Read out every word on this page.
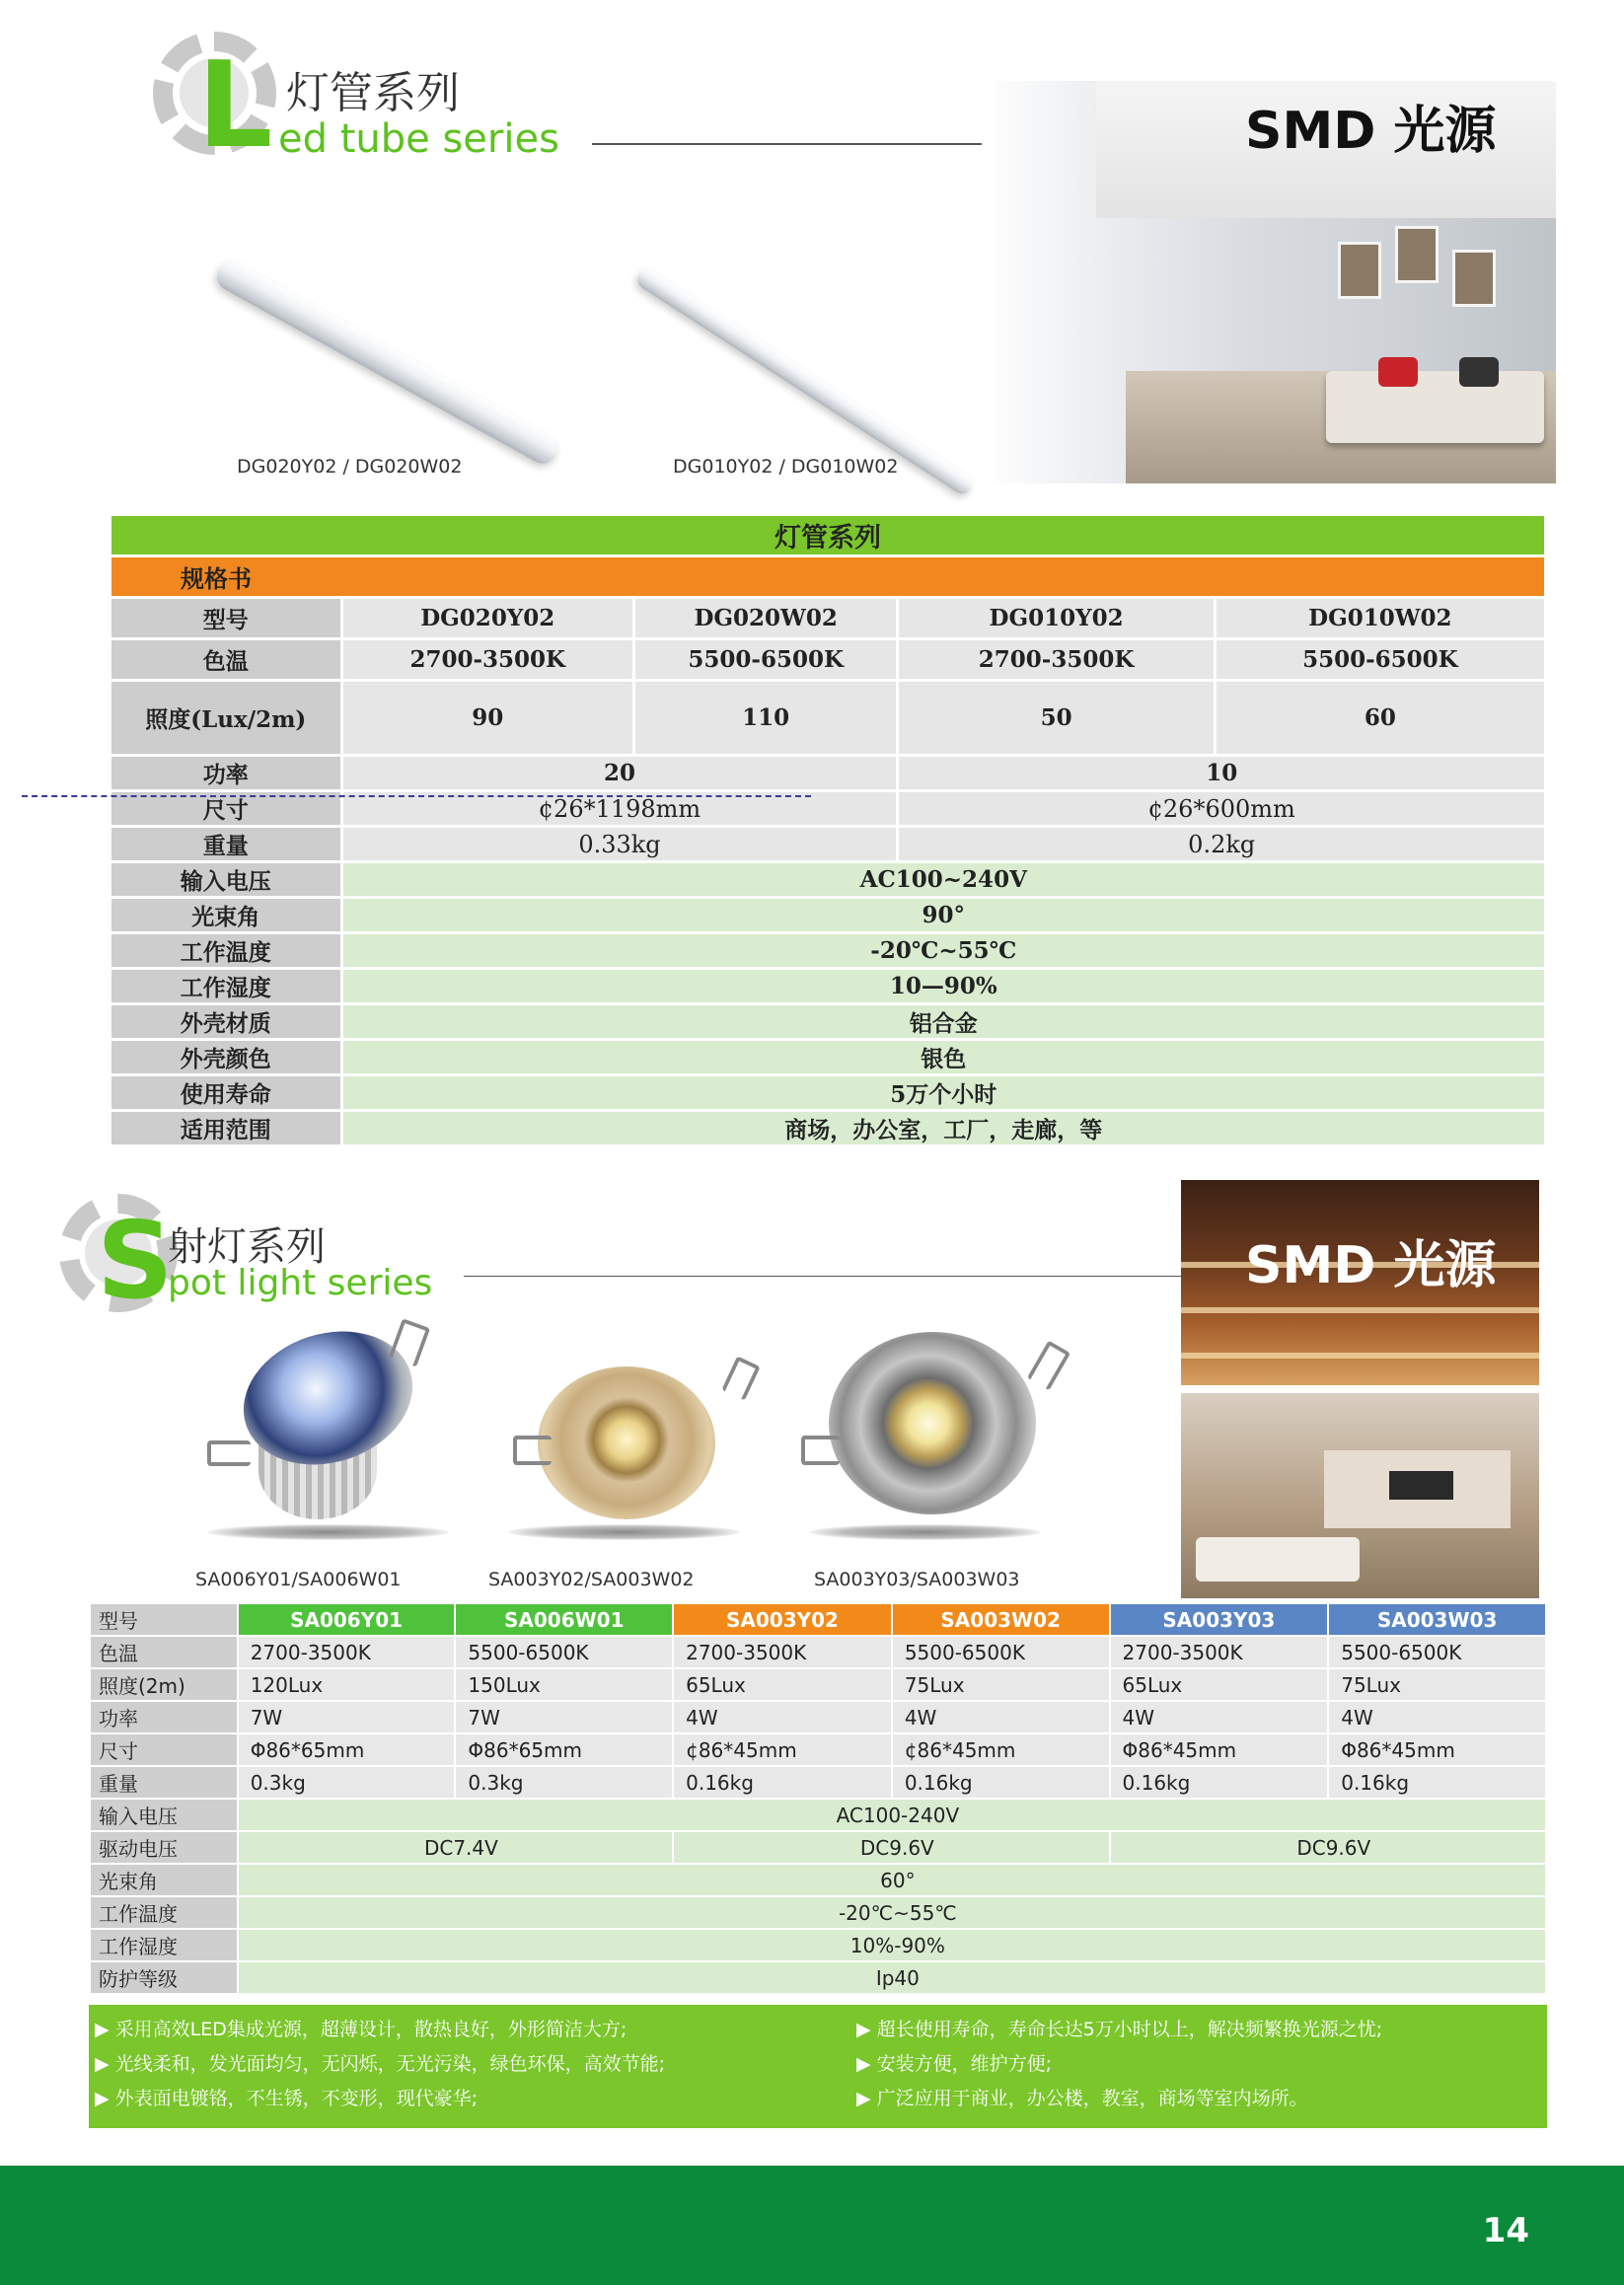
L 灯管系列
ed tube series	SMD 光源
DG020Y02 / DG020W02	DG010Y02 / DG010W02
灯管系列				
规格书				
型号	DG020Y02	DG020W02	DG010Y02	DG010W02
色温	2700-3500K	5500-6500K	2700-3500K	5500-6500K
照度(Lux/2m)	90	110	50	60
功率	20		10	
尺寸	¢26*1198mm		¢26*600mm	
重量	0.33kg		0.2kg	
输入电压	AC100~240V			
光束角	90°			
工作温度	-20℃~55℃			
工作湿度	10—90%			
外壳材质	铝合金			
外壳颜色	银色			
使用寿命	5万个小时			
适用范围	商场，办公室，工厂，走廊，等			
S
射灯系列
pot light series	SMD 光源
SA006Y01/SA006W01	SA003Y02/SA003W02	SA003Y03/SA003W03
型号	SA006Y01	SA006W01	SA003Y02	SA003W02	SA003Y03	SA003W03
色温	2700-3500K	5500-6500K	2700-3500K	5500-6500K	2700-3500K	5500-6500K
照度(2m)	120Lux	150Lux	65Lux	75Lux	65Lux	75Lux
功率	7W	7W	4W	4W	4W	4W
尺寸	Φ86*65mm	Φ86*65mm	¢86*45mm	¢86*45mm	Φ86*45mm	Φ86*45mm
重量	0.3kg	0.3kg	0.16kg	0.16kg	0.16kg	0.16kg
输入电压	AC100-240V					
驱动电压	DC7.4V		DC9.6V		DC9.6V	
光束角	60°					
工作温度	-20℃~55℃					
工作湿度	10%-90%					
防护等级	Ip40					
▶ 采用高效LED集成光源，超薄设计，散热良好，外形简洁大方;
▶ 光线柔和，发光面均匀，无闪烁，无光污染，绿色环保，高效节能;
▶ 外表面电镀铬，不生锈，不变形，现代豪华;
▶ 超长使用寿命，寿命长达5万小时以上，解决频繁换光源之忧;
▶ 安装方便，维护方便;
▶ 广泛应用于商业，办公楼，教室，商场等室内场所。
14
